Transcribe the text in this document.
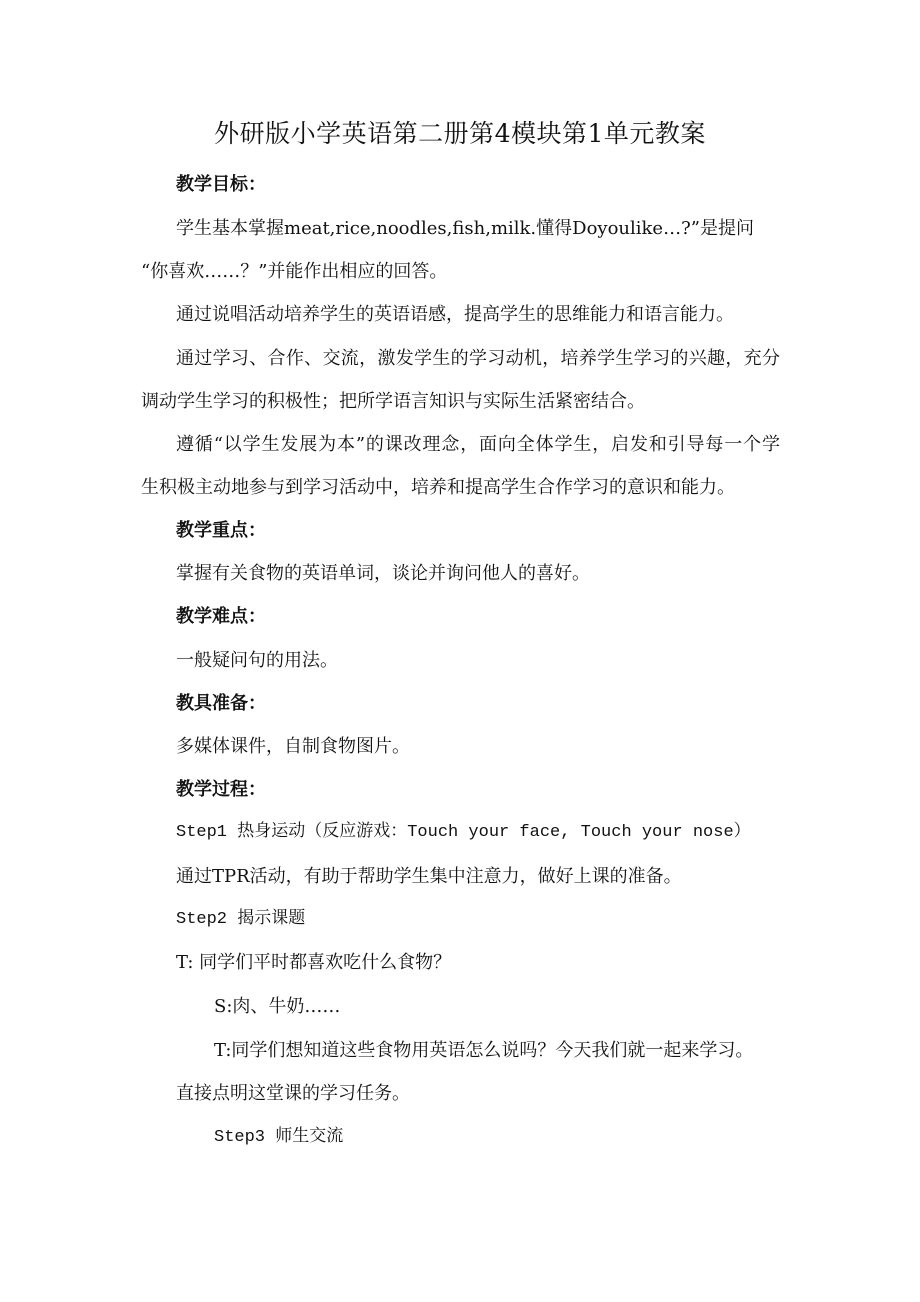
外研版小学英语第二册第4模块第1单元教案
教学目标：
学生基本掌握meat,rice,noodles,fish,milk.懂得Doyoulike…?”是提问
“你喜欢……？”并能作出相应的回答。
通过说唱活动培养学生的英语语感，提高学生的思维能力和语言能力。
通过学习、合作、交流，激发学生的学习动机，培养学生学习的兴趣，充分
调动学生学习的积极性；把所学语言知识与实际生活紧密结合。
遵循“以学生发展为本”的课改理念，面向全体学生，启发和引导每一个学
生积极主动地参与到学习活动中，培养和提高学生合作学习的意识和能力。
教学重点：
掌握有关食物的英语单词，谈论并询问他人的喜好。
教学难点：
一般疑问句的用法。
教具准备：
多媒体课件，自制食物图片。
教学过程：
Step1 热身运动（反应游戏：Touch your face, Touch your nose）
通过TPR活动，有助于帮助学生集中注意力，做好上课的准备。
Step2 揭示课题
T: 同学们平时都喜欢吃什么食物？
S:肉、牛奶……
T:同学们想知道这些食物用英语怎么说吗？今天我们就一起来学习。
直接点明这堂课的学习任务。
Step3 师生交流
